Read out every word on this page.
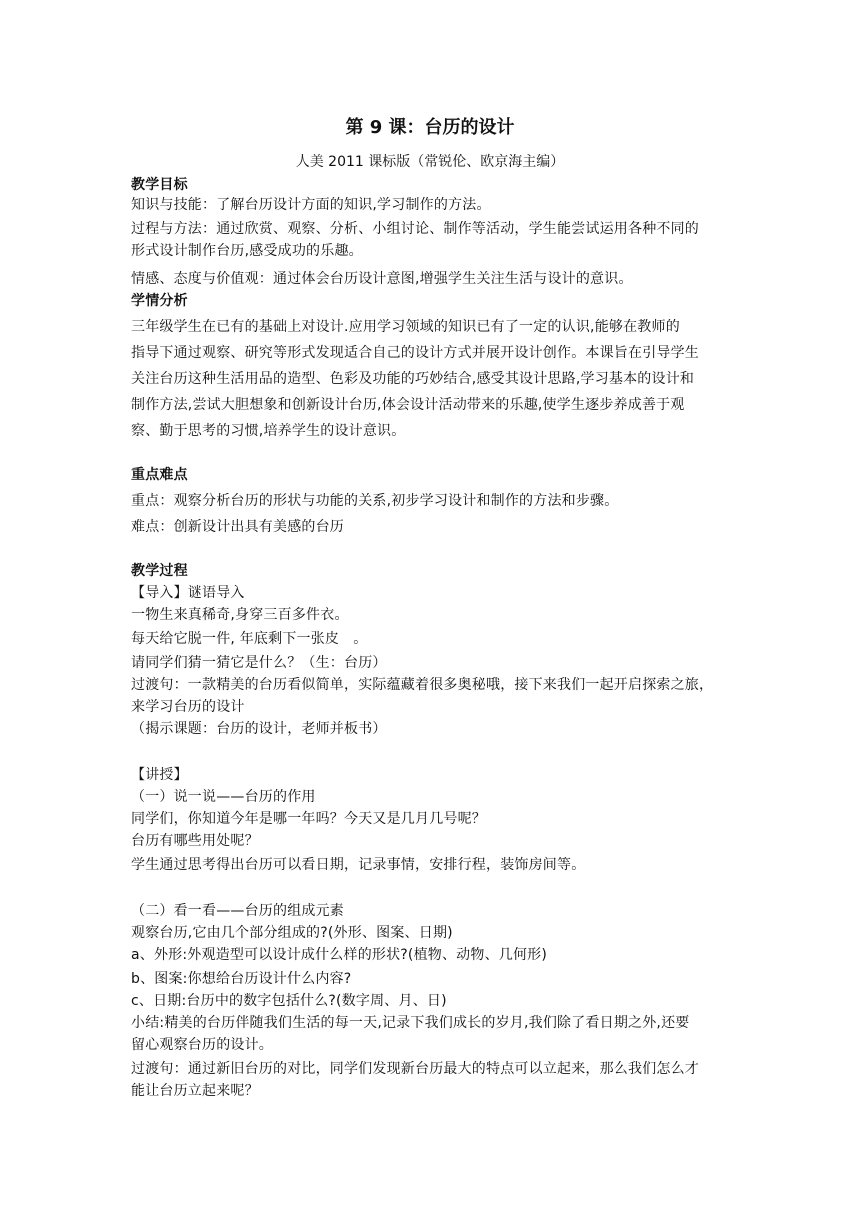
第 9 课：台历的设计
人美 2011 课标版（常锐伦、欧京海主编）
教学目标
知识与技能：了解台历设计方面的知识,学习制作的方法。
过程与方法：通过欣赏、观察、分析、小组讨论、制作等活动，学生能尝试运用各种不同的
形式设计制作台历,感受成功的乐趣。
情感、态度与价值观：通过体会台历设计意图,增强学生关注生活与设计的意识。
学情分析
三年级学生在已有的基础上对设计.应用学习领域的知识已有了一定的认识,能够在教师的
指导下通过观察、研究等形式发现适合自己的设计方式并展开设计创作。本课旨在引导学生
关注台历这种生活用品的造型、色彩及功能的巧妙结合,感受其设计思路,学习基本的设计和
制作方法,尝试大胆想象和创新设计台历,体会设计活动带来的乐趣,使学生逐步养成善于观
察、勤于思考的习惯,培养学生的设计意识。
重点难点
重点：观察分析台历的形状与功能的关系,初步学习设计和制作的方法和步骤。
难点：创新设计出具有美感的台历
教学过程
【导入】谜语导入
一物生来真稀奇,身穿三百多件衣。
每天给它脱一件, 年底剩下一张皮　。
请同学们猜一猜它是什么？（生：台历）
过渡句：一款精美的台历看似简单，实际蕴藏着很多奥秘哦，接下来我们一起开启探索之旅，
来学习台历的设计
（揭示课题：台历的设计，老师并板书）
【讲授】
（一）说一说——台历的作用
同学们，你知道今年是哪一年吗？今天又是几月几号呢？
台历有哪些用处呢？
学生通过思考得出台历可以看日期，记录事情，安排行程，装饰房间等。
（二）看一看——台历的组成元素
观察台历,它由几个部分组成的?(外形、图案、日期)
a、外形:外观造型可以设计成什么样的形状?(植物、动物、几何形)
b、图案:你想给台历设计什么内容?
c、日期:台历中的数字包括什么?(数字周、月、日)
小结:精美的台历伴随我们生活的每一天,记录下我们成长的岁月,我们除了看日期之外,还要
留心观察台历的设计。
过渡句：通过新旧台历的对比，同学们发现新台历最大的特点可以立起来，那么我们怎么才
能让台历立起来呢？
